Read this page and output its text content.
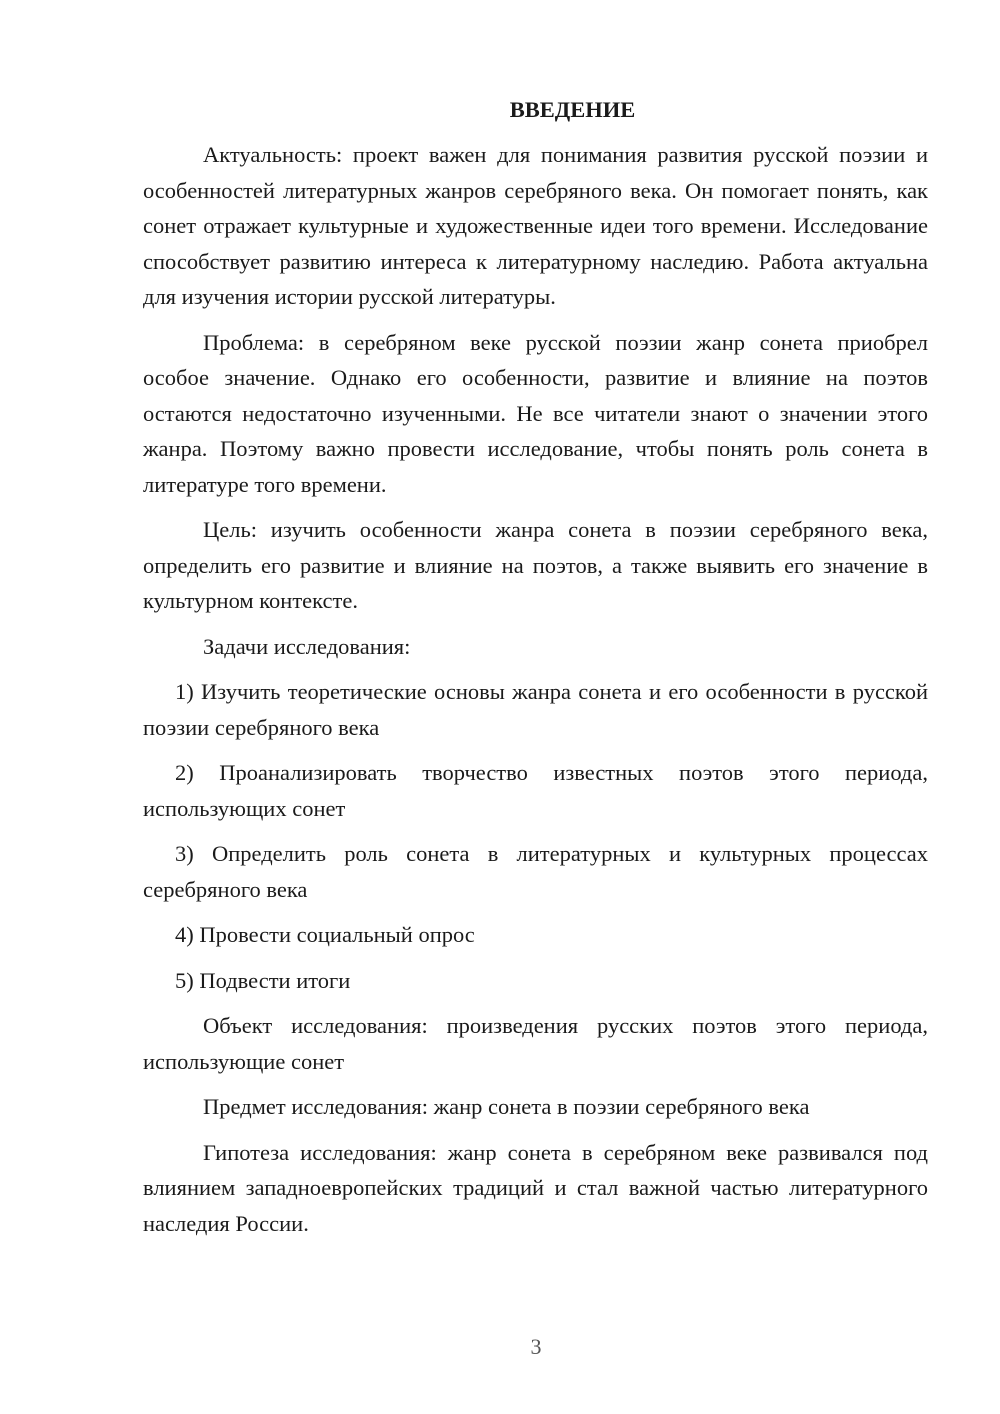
ВВЕДЕНИЕ

Актуальность: проект важен для понимания развития русской поэзии и особенностей литературных жанров серебряного века. Он помогает понять, как сонет отражает культурные и художественные идеи того времени. Исследование способствует развитию интереса к литературному наследию. Работа актуальна для изучения истории русской литературы.

Проблема: в серебряном веке русской поэзии жанр сонета приобрел особое значение. Однако его особенности, развитие и влияние на поэтов остаются недостаточно изученными. Не все читатели знают о значении этого жанра. Поэтому важно провести исследование, чтобы понять роль сонета в литературе того времени.

Цель: изучить особенности жанра сонета в поэзии серебряного века, определить его развитие и влияние на поэтов, а также выявить его значение в культурном контексте.

Задачи исследования:

1) Изучить теоретические основы жанра сонета и его особенности в русской поэзии серебряного века

2) Проанализировать творчество известных поэтов этого периода, использующих сонет

3) Определить роль сонета в литературных и культурных процессах серебряного века

4) Провести социальный опрос

5) Подвести итоги

Объект исследования: произведения русских поэтов этого периода, использующие сонет

Предмет исследования: жанр сонета в поэзии серебряного века

Гипотеза исследования: жанр сонета в серебряном веке развивался под влиянием западноевропейских традиций и стал важной частью литературного наследия России.

3
